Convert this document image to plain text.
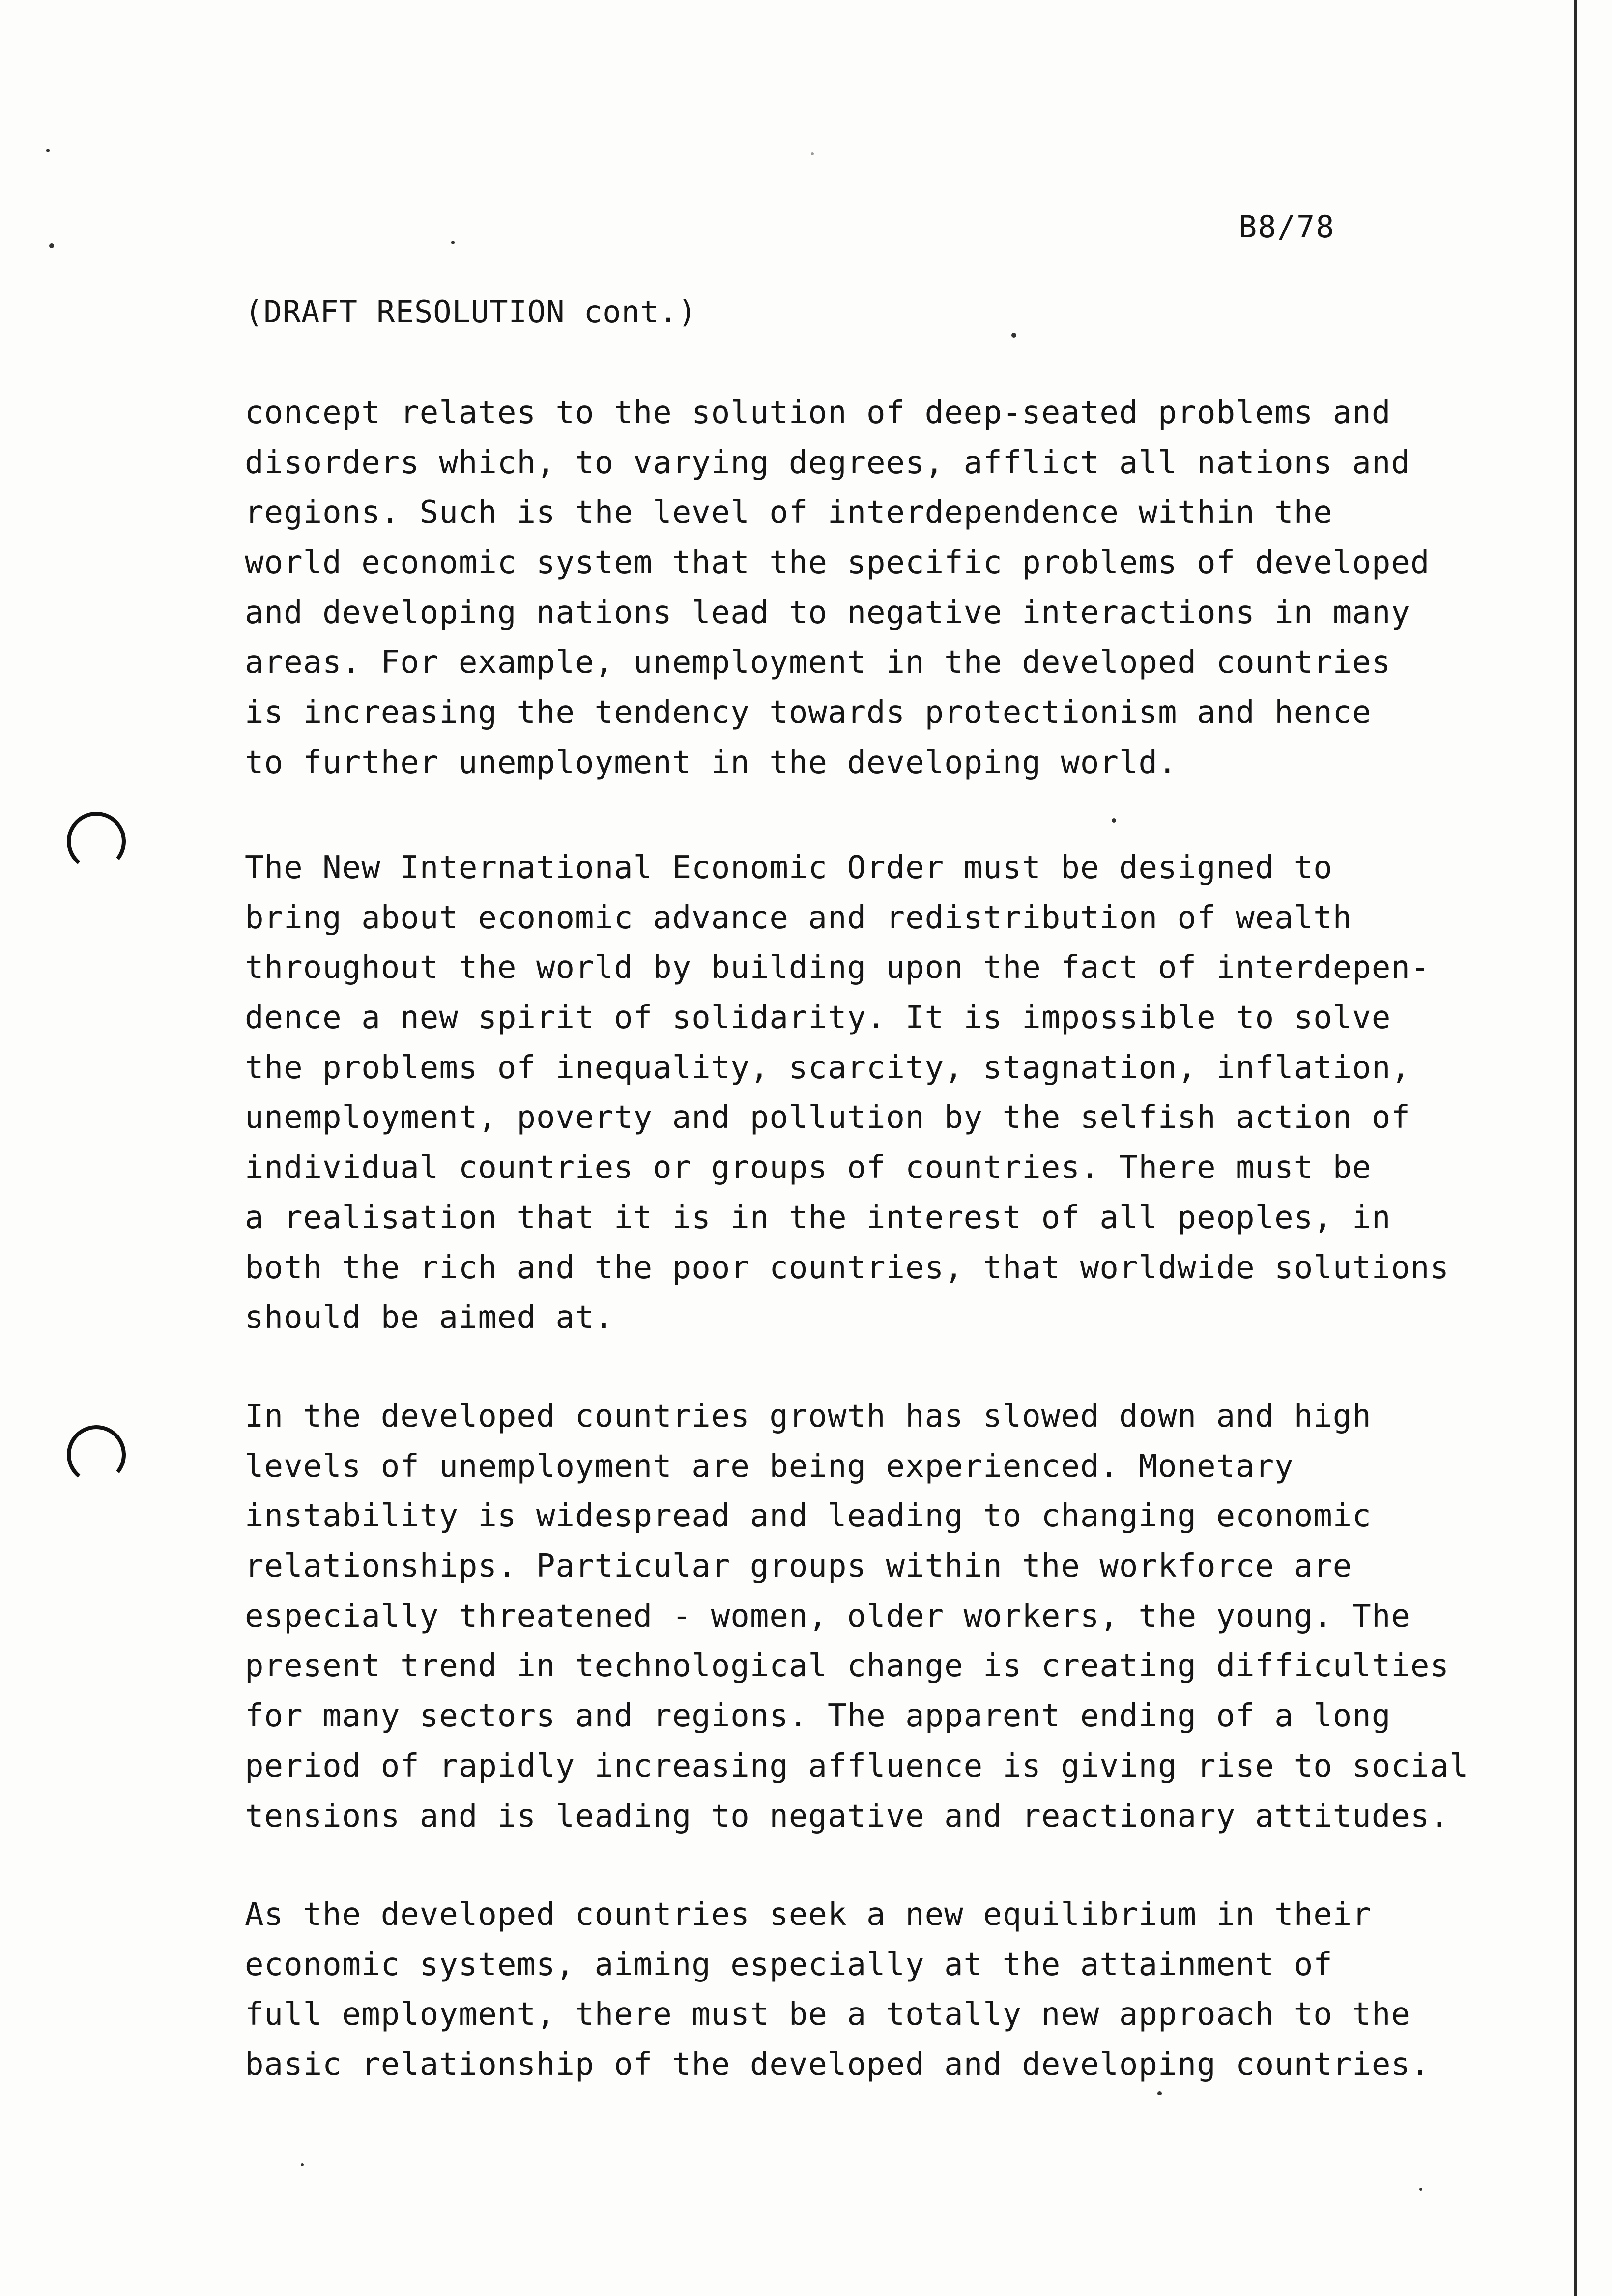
B8/78
(DRAFT RESOLUTION cont.)
concept relates to the solution of deep-seated problems and
disorders which, to varying degrees, afflict all nations and
regions. Such is the level of interdependence within the
world economic system that the specific problems of developed
and developing nations lead to negative interactions in many
areas. For example, unemployment in the developed countries
is increasing the tendency towards protectionism and hence
to further unemployment in the developing world.
The New International Economic Order must be designed to
bring about economic advance and redistribution of wealth
throughout the world by building upon the fact of interdepen-
dence a new spirit of solidarity. It is impossible to solve
the problems of inequality, scarcity, stagnation, inflation,
unemployment, poverty and pollution by the selfish action of
individual countries or groups of countries. There must be
a realisation that it is in the interest of all peoples, in
both the rich and the poor countries, that worldwide solutions
should be aimed at.
In the developed countries growth has slowed down and high
levels of unemployment are being experienced. Monetary
instability is widespread and leading to changing economic
relationships. Particular groups within the workforce are
especially threatened - women, older workers, the young. The
present trend in technological change is creating difficulties
for many sectors and regions. The apparent ending of a long
period of rapidly increasing affluence is giving rise to social
tensions and is leading to negative and reactionary attitudes.
As the developed countries seek a new equilibrium in their
economic systems, aiming especially at the attainment of
full employment, there must be a totally new approach to the
basic relationship of the developed and developing countries.
